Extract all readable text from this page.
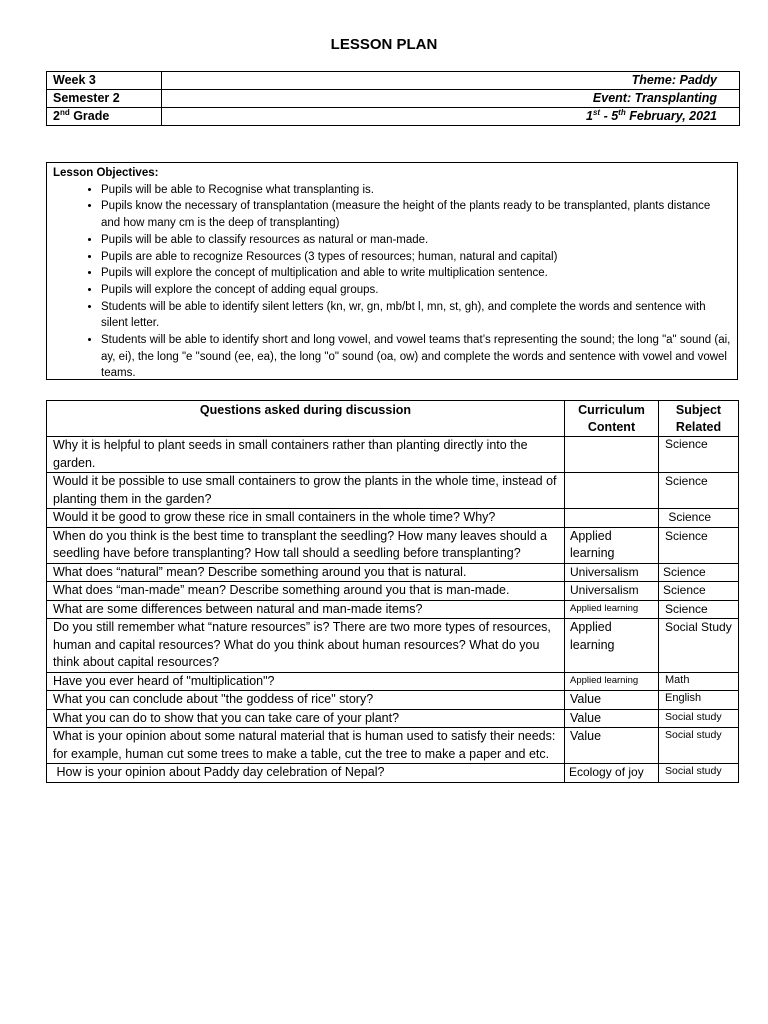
LESSON PLAN
Week 3	Theme: Paddy
Semester 2	Event: Transplanting
2nd Grade	1st - 5th February, 2021
Lesson Objectives:
• Pupils will be able to Recognise what transplanting is.
• Pupils know the necessary of transplantation (measure the height of the plants ready to be transplanted, plants distance and how many cm is the deep of transplanting)
• Pupils will be able to classify resources as natural or man-made.
• Pupils are able to recognize Resources (3 types of resources; human, natural and capital)
• Pupils will explore the concept of multiplication and able to write multiplication sentence.
• Pupils will explore the concept of adding equal groups.
• Students will be able to identify silent letters (kn, wr, gn, mb/bt l, mn, st, gh), and complete the words and sentence with silent letter.
• Students will be able to identify short and long vowel, and vowel teams that’s representing the sound; the long "a" sound (ai, ay, ei), the long "e "sound (ee, ea), the long "o" sound (oa, ow) and complete the words and sentence with vowel and vowel teams.
Questions asked during discussion	Curriculum Content	Subject Related
Why it is helpful to plant seeds in small containers rather than planting directly into the garden.		Science
Would it be possible to use small containers to grow the plants in the whole time, instead of planting them in the garden?		Science
Would it be good to grow these rice in small containers in the whole time? Why?		Science
When do you think is the best time to transplant the seedling? How many leaves should a seedling have before transplanting? How tall should a seedling before transplanting?	Applied learning	Science
What does “natural” mean? Describe something around you that is natural.	Universalism	Science
What does “man-made” mean? Describe something around you that is man-made.	Universalism	Science
What are some differences between natural and man-made items?	Applied learning	Science
Do you still remember what “nature resources” is? There are two more types of resources, human and capital resources? What do you think about human resources? What do you think about capital resources?	Applied learning	Social Study
Have you ever heard of "multiplication"?	Applied learning	Math
What you can conclude about "the goddess of rice" story?	Value	English
What you can do to show that you can take care of your plant?	Value	Social study
What is your opinion about some natural material that is human used to satisfy their needs: for example, human cut some trees to make a table, cut the tree to make a paper and etc.	Value	Social study
How is your opinion about Paddy day celebration of Nepal?	Ecology of joy	Social study
